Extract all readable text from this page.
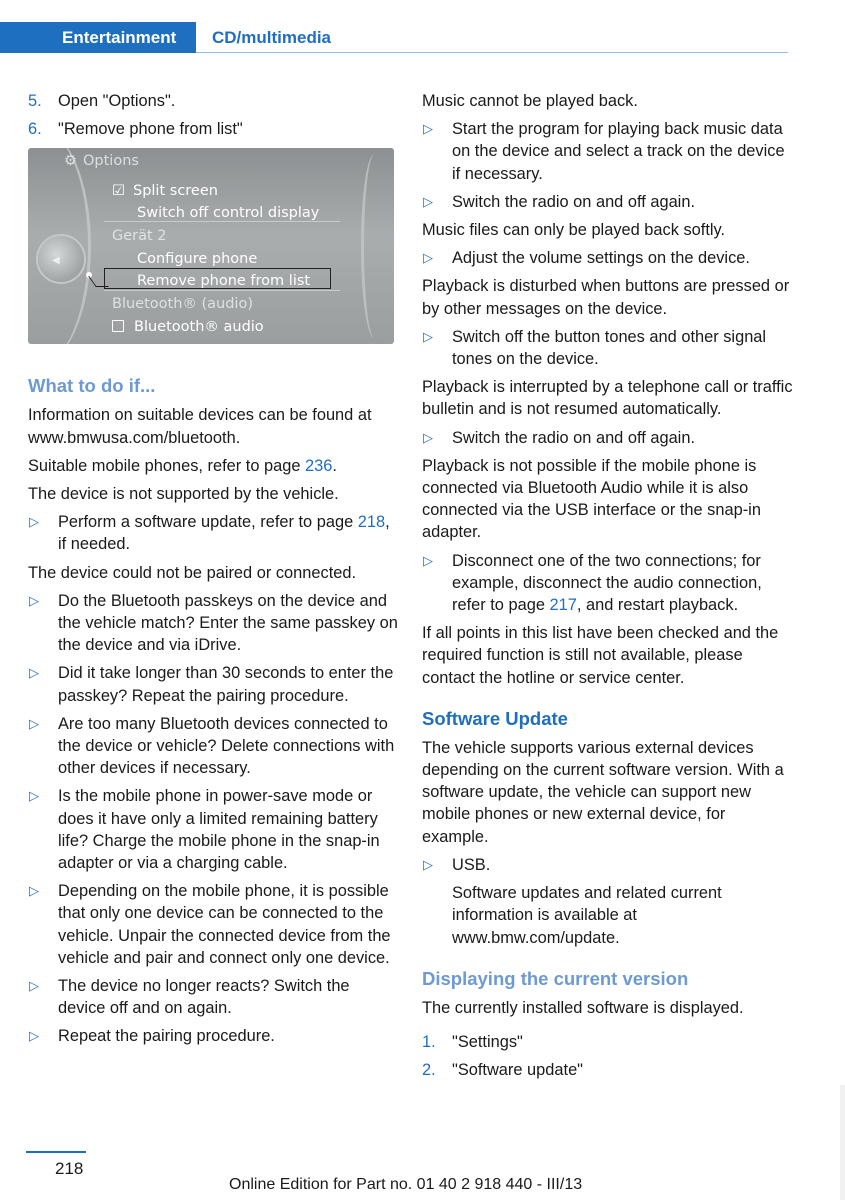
Entertainment	CD/multimedia
5. Open "Options".
6. "Remove phone from list"
◀
⚙ Options
☑ Split screen
Switch off control display
Gerät 2
Configure phone
Remove phone from list
Bluetooth® (audio)
Bluetooth® audio
What to do if...

Information on suitable devices can be found at www.bmwusa.com/bluetooth.

Suitable mobile phones, refer to page 236.

The device is not supported by the vehicle.

▷ Perform a software update, refer to page 218, if needed.

The device could not be paired or connected.

▷ Do the Bluetooth passkeys on the device and the vehicle match? Enter the same passkey on the device and via iDrive.
▷ Did it take longer than 30 seconds to enter the passkey? Repeat the pairing procedure.
▷ Are too many Bluetooth devices connected to the device or vehicle? Delete connections with other devices if necessary.
▷ Is the mobile phone in power-save mode or does it have only a limited remaining battery life? Charge the mobile phone in the snap-in adapter or via a charging cable.
▷ Depending on the mobile phone, it is possible that only one device can be connected to the vehicle. Unpair the connected device from the vehicle and pair and connect only one device.
▷ The device no longer reacts? Switch the device off and on again.
▷ Repeat the pairing procedure.

Music cannot be played back.

▷ Start the program for playing back music data on the device and select a track on the device if necessary.
▷ Switch the radio on and off again.

Music files can only be played back softly.

▷ Adjust the volume settings on the device.

Playback is disturbed when buttons are pressed or by other messages on the device.

▷ Switch off the button tones and other signal tones on the device.

Playback is interrupted by a telephone call or traffic bulletin and is not resumed automatically.

▷ Switch the radio on and off again.

Playback is not possible if the mobile phone is connected via Bluetooth Audio while it is also connected via the USB interface or the snap-in adapter.

▷ Disconnect one of the two connections; for example, disconnect the audio connection, refer to page 217, and restart playback.

If all points in this list have been checked and the required function is still not available, please contact the hotline or service center.

Software Update

The vehicle supports various external devices depending on the current software version. With a software update, the vehicle can support new mobile phones or new external device, for example.

▷ USB.
Software updates and related current information is available at www.bmw.com/update.
Displaying the current version

The currently installed software is displayed.

1. "Settings"
2. "Software update"
218
Online Edition for Part no. 01 40 2 918 440 - III/13
